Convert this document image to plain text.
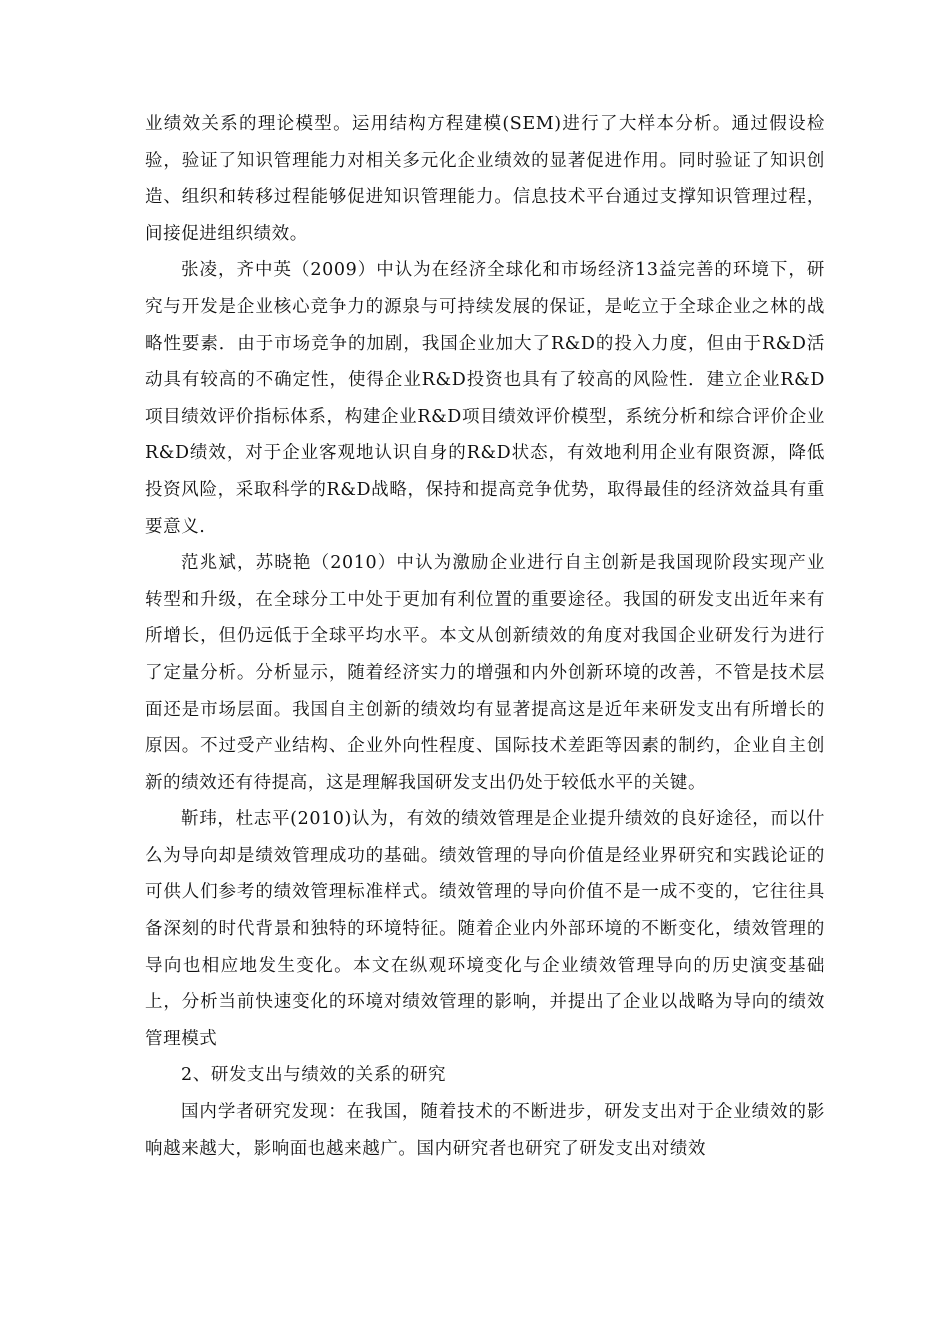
业绩效关系的理论模型。运用结构方程建模(SEM)进行了大样本分析。通过假设检验，验证了知识管理能力对相关多元化企业绩效的显著促进作用。同时验证了知识创造、组织和转移过程能够促进知识管理能力。信息技术平台通过支撑知识管理过程，间接促进组织绩效。

张凌，齐中英（2009）中认为在经济全球化和市场经济13益完善的环境下，研究与开发是企业核心竞争力的源泉与可持续发展的保证，是屹立于全球企业之林的战略性要素．由于市场竞争的加剧，我国企业加大了R&D的投入力度，但由于R&D活动具有较高的不确定性，使得企业R&D投资也具有了较高的风险性．建立企业R&D项目绩效评价指标体系，构建企业R&D项目绩效评价模型，系统分析和综合评价企业R&D绩效，对于企业客观地认识自身的R&D状态，有效地利用企业有限资源，降低投资风险，采取科学的R&D战略，保持和提高竞争优势，取得最佳的经济效益具有重要意义.

范兆斌，苏晓艳（2010）中认为激励企业进行自主创新是我国现阶段实现产业转型和升级，在全球分工中处于更加有利位置的重要途径。我国的研发支出近年来有所增长，但仍远低于全球平均水平。本文从创新绩效的角度对我国企业研发行为进行了定量分析。分析显示，随着经济实力的增强和内外创新环境的改善，不管是技术层面还是市场层面。我国自主创新的绩效均有显著提高这是近年来研发支出有所增长的原因。不过受产业结构、企业外向性程度、国际技术差距等因素的制约，企业自主创新的绩效还有待提高，这是理解我国研发支出仍处于较低水平的关键。

靳玮，杜志平(2010)认为，有效的绩效管理是企业提升绩效的良好途径，而以什么为导向却是绩效管理成功的基础。绩效管理的导向价值是经业界研究和实践论证的可供人们参考的绩效管理标准样式。绩效管理的导向价值不是一成不变的，它往往具备深刻的时代背景和独特的环境特征。随着企业内外部环境的不断变化，绩效管理的导向也相应地发生变化。本文在纵观环境变化与企业绩效管理导向的历史演变基础上，分析当前快速变化的环境对绩效管理的影响，并提出了企业以战略为导向的绩效管理模式

2、研发支出与绩效的关系的研究

国内学者研究发现：在我国，随着技术的不断进步，研发支出对于企业绩效的影响越来越大，影响面也越来越广。国内研究者也研究了研发支出对绩效
